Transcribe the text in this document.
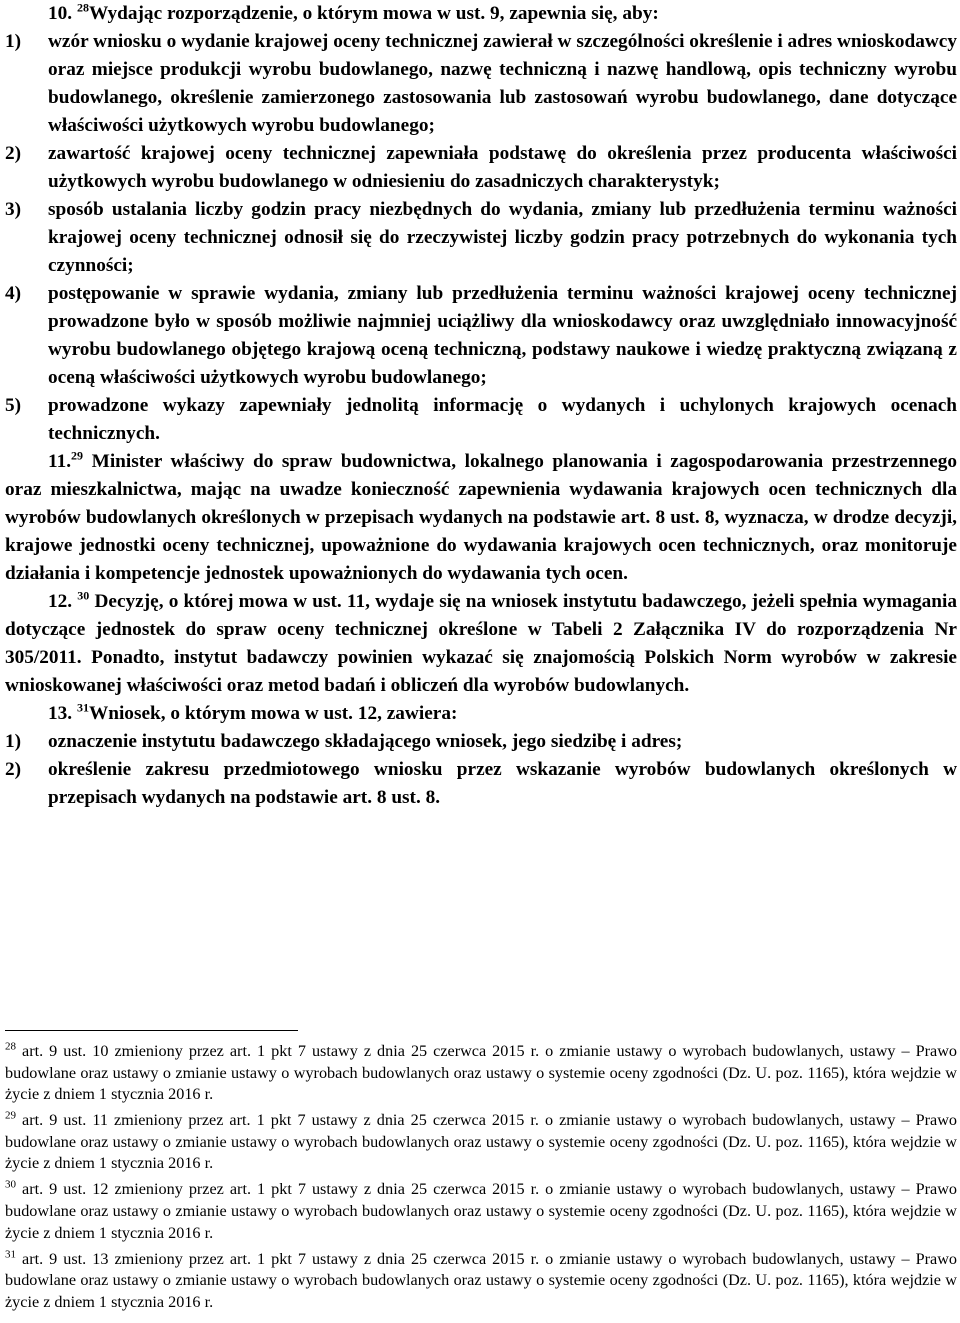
10. $^{28}$Wydając rozporządzenie, o którym mowa w ust. 9, zapewnia się, aby:

1)	wzór wniosku o wydanie krajowej oceny technicznej zawierał w szczególności określenie i adres wnioskodawcy oraz miejsce produkcji wyrobu budowlanego, nazwę techniczną i nazwę handlową, opis techniczny wyrobu budowlanego, określenie zamierzonego zastosowania lub zastosowań wyrobu budowlanego, dane dotyczące właściwości użytkowych wyrobu budowlanego;
2)	zawartość krajowej oceny technicznej zapewniała podstawę do określenia przez producenta właściwości użytkowych wyrobu budowlanego w odniesieniu do zasadniczych charakterystyk;
3)	sposób ustalania liczby godzin pracy niezbędnych do wydania, zmiany lub przedłużenia terminu ważności krajowej oceny technicznej odnosił się do rzeczywistej liczby godzin pracy potrzebnych do wykonania tych czynności;
4)	postępowanie w sprawie wydania, zmiany lub przedłużenia terminu ważności krajowej oceny technicznej prowadzone było w sposób możliwie najmniej uciążliwy dla wnioskodawcy oraz uwzględniało innowacyjność wyrobu budowlanego objętego krajową oceną techniczną, podstawy naukowe i wiedzę praktyczną związaną z oceną właściwości użytkowych wyrobu budowlanego;
5)	prowadzone wykazy zapewniały jednolitą informację o wydanych i uchylonych krajowych ocenach technicznych.

11.29 Minister właściwy do spraw budownictwa, lokalnego planowania i zagospodarowania przestrzennego oraz mieszkalnictwa, mając na uwadze konieczność zapewnienia wydawania krajowych ocen technicznych dla wyrobów budowlanych określonych w przepisach wydanych na podstawie art. 8 ust. 8, wyznacza, w drodze decyzji, krajowe jednostki oceny technicznej, upoważnione do wydawania krajowych ocen technicznych, oraz monitoruje działania i kompetencje jednostek upoważnionych do wydawania tych ocen.

12. $^{30}$ Decyzję, o której mowa w ust. 11, wydaje się na wniosek instytutu badawczego, jeżeli spełnia wymagania dotyczące jednostek do spraw oceny technicznej określone w Tabeli 2 Załącznika IV do rozporządzenia Nr 305/2011. Ponadto, instytut badawczy powinien wykazać się znajomością Polskich Norm wyrobów w zakresie wnioskowanej właściwości oraz metod badań i obliczeń dla wyrobów budowlanych.

13. $^{31}$Wniosek, o którym mowa w ust. 12, zawiera:

1)	oznaczenie instytutu badawczego składającego wniosek, jego siedzibę i adres;
2)	określenie zakresu przedmiotowego wniosku przez wskazanie wyrobów budowlanych określonych w przepisach wydanych na podstawie art. 8 ust. 8.

$^{28}$ art. 9 ust. 10 zmieniony przez art. 1 pkt 7 ustawy z dnia 25 czerwca 2015 r. o zmianie ustawy o wyrobach budowlanych, ustawy – Prawo budowlane oraz ustawy o zmianie ustawy o wyrobach budowlanych oraz ustawy o systemie oceny zgodności (Dz. U. poz. 1165), która wejdzie w życie z dniem 1 stycznia 2016 r.

$^{29}$ art. 9 ust. 11 zmieniony przez art. 1 pkt 7 ustawy z dnia 25 czerwca 2015 r. o zmianie ustawy o wyrobach budowlanych, ustawy – Prawo budowlane oraz ustawy o zmianie ustawy o wyrobach budowlanych oraz ustawy o systemie oceny zgodności (Dz. U. poz. 1165), która wejdzie w życie z dniem 1 stycznia 2016 r.

$^{30}$ art. 9 ust. 12 zmieniony przez art. 1 pkt 7 ustawy z dnia 25 czerwca 2015 r. o zmianie ustawy o wyrobach budowlanych, ustawy – Prawo budowlane oraz ustawy o zmianie ustawy o wyrobach budowlanych oraz ustawy o systemie oceny zgodności (Dz. U. poz. 1165), która wejdzie w życie z dniem 1 stycznia 2016 r.

$^{31}$ art. 9 ust. 13 zmieniony przez art. 1 pkt 7 ustawy z dnia 25 czerwca 2015 r. o zmianie ustawy o wyrobach budowlanych, ustawy – Prawo budowlane oraz ustawy o zmianie ustawy o wyrobach budowlanych oraz ustawy o systemie oceny zgodności (Dz. U. poz. 1165), która wejdzie w życie z dniem 1 stycznia 2016 r.
